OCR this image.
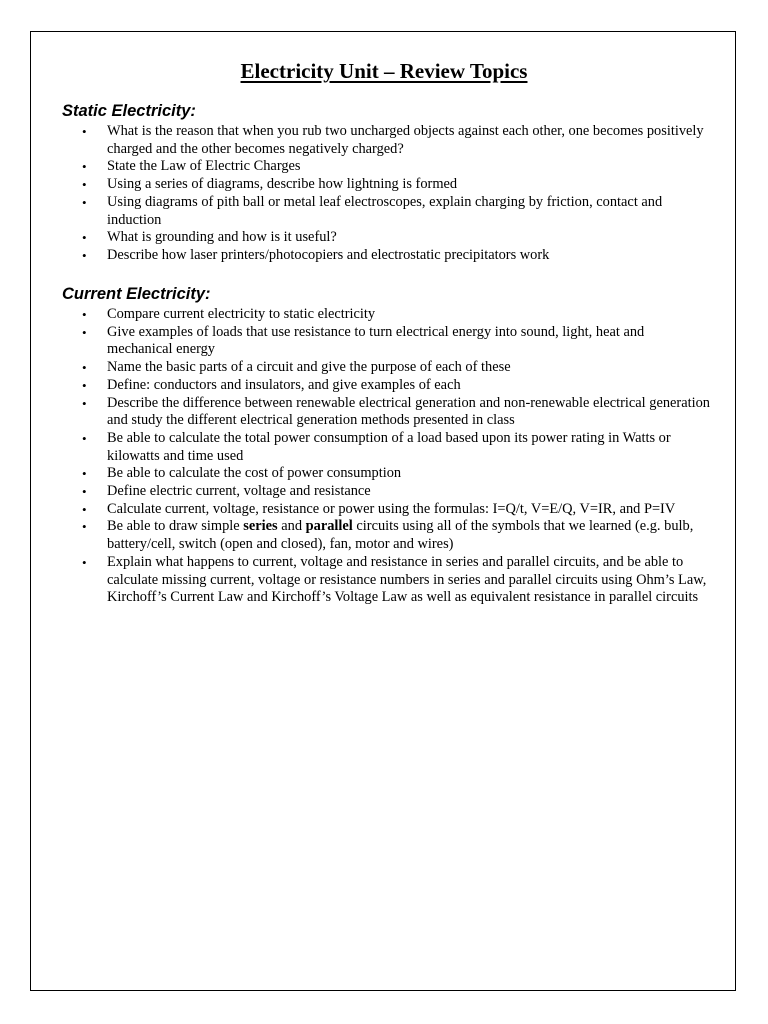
Electricity Unit – Review Topics
Static Electricity:
• What is the reason that when you rub two uncharged objects against each other, one becomes positively charged and the other becomes negatively charged?
• State the Law of Electric Charges
• Using a series of diagrams, describe how lightning is formed
• Using diagrams of pith ball or metal leaf electroscopes, explain charging by friction, contact and induction
• What is grounding and how is it useful?
• Describe how laser printers/photocopiers and electrostatic precipitators work
Current Electricity:
• Compare current electricity to static electricity
• Give examples of loads that use resistance to turn electrical energy into sound, light, heat and mechanical energy
• Name the basic parts of a circuit and give the purpose of each of these
• Define: conductors and insulators, and give examples of each
• Describe the difference between renewable electrical generation and non-renewable electrical generation and study the different electrical generation methods presented in class
• Be able to calculate the total power consumption of a load based upon its power rating in Watts or kilowatts and time used
• Be able to calculate the cost of power consumption
• Define electric current, voltage and resistance
• Calculate current, voltage, resistance or power using the formulas: I=Q/t, V=E/Q, V=IR, and P=IV
• Be able to draw simple series and parallel circuits using all of the symbols that we learned (e.g. bulb, battery/cell, switch (open and closed), fan, motor and wires)
• Explain what happens to current, voltage and resistance in series and parallel circuits, and be able to calculate missing current, voltage or resistance numbers in series and parallel circuits using Ohm’s Law, Kirchoff’s Current Law and Kirchoff’s Voltage Law as well as equivalent resistance in parallel circuits
